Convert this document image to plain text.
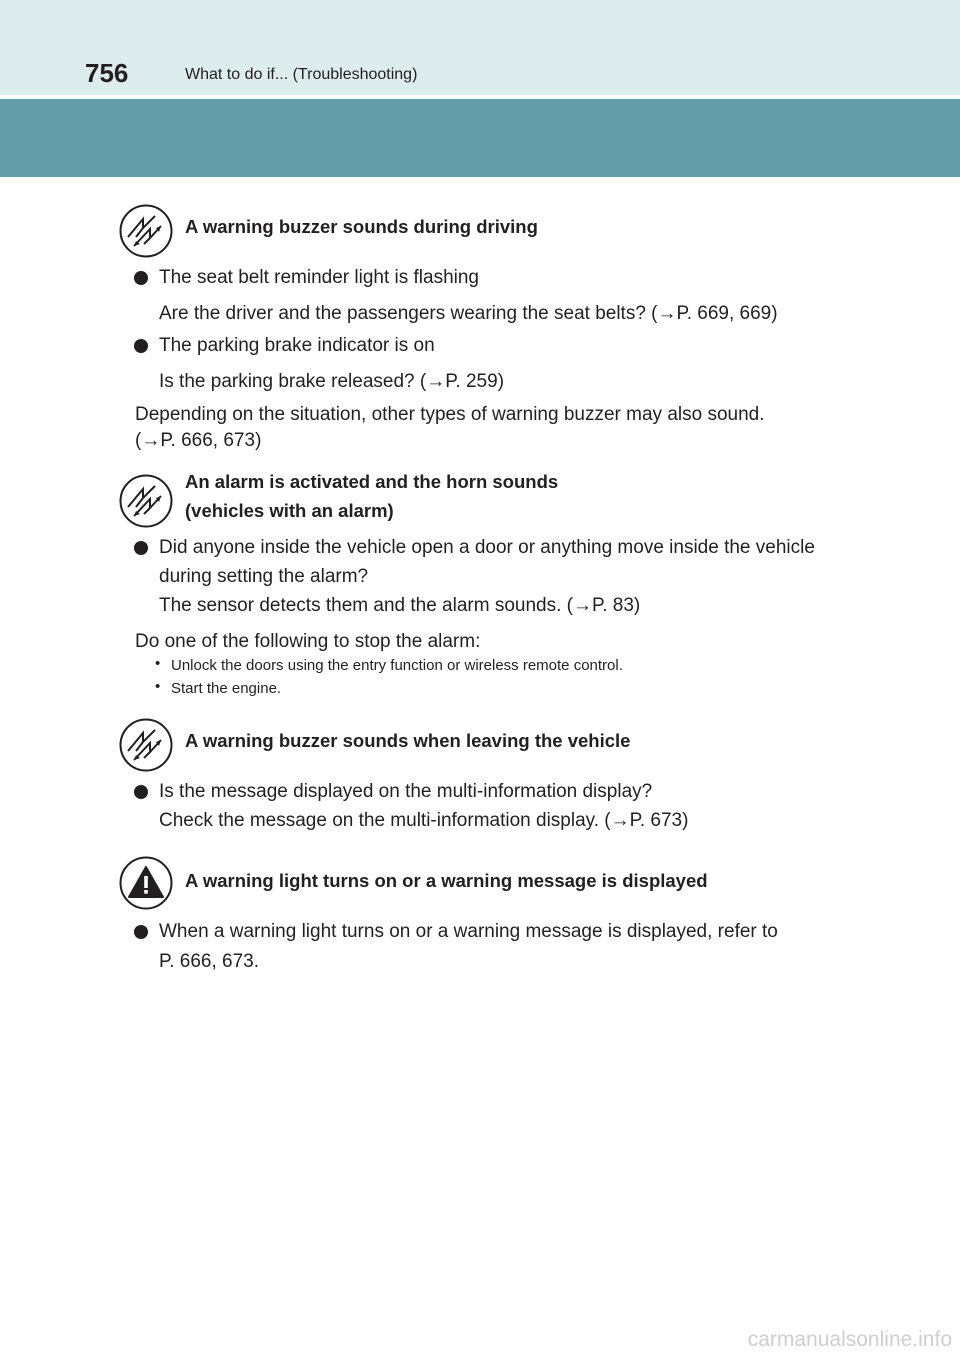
756	What to do if... (Troubleshooting)
A warning buzzer sounds during driving
The seat belt reminder light is flashing
Are the driver and the passengers wearing the seat belts? (→P. 669, 669)
The parking brake indicator is on
Is the parking brake released? (→P. 259)
Depending on the situation, other types of warning buzzer may also sound.
(→P. 666, 673)
An alarm is activated and the horn sounds
(vehicles with an alarm)
Did anyone inside the vehicle open a door or anything move inside the vehicle
during setting the alarm?
The sensor detects them and the alarm sounds. (→P. 83)
Do one of the following to stop the alarm:
• Unlock the doors using the entry function or wireless remote control.
• Start the engine.
A warning buzzer sounds when leaving the vehicle
Is the message displayed on the multi-information display?
Check the message on the multi-information display. (→P. 673)
A warning light turns on or a warning message is displayed
When a warning light turns on or a warning message is displayed, refer to
P. 666, 673.
carmanualsonline.info
